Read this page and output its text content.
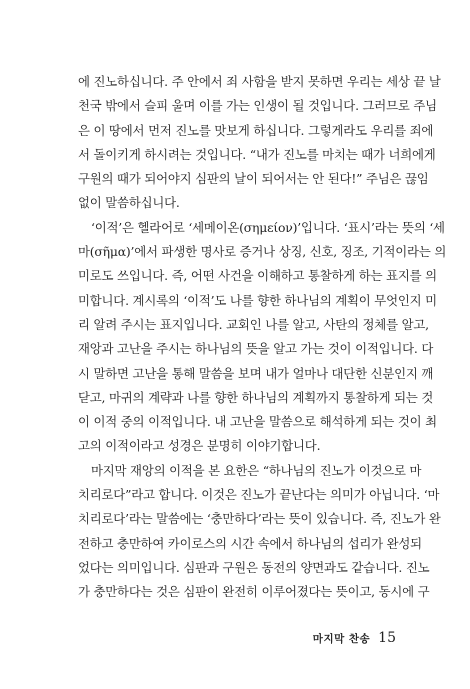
에 진노하십니다. 주 안에서 죄 사함을 받지 못하면 우리는 세상 끝 날
천국 밖에서 슬피 울며 이를 가는 인생이 될 것입니다. 그러므로 주님
은 이 땅에서 먼저 진노를 맛보게 하십니다. 그렇게라도 우리를 죄에
서 돌이키게 하시려는 것입니다. “내가 진노를 마치는 때가 너희에게
구원의 때가 되어야지 심판의 날이 되어서는 안 된다!” 주님은 끊임
없이 말씀하십니다.
‘이적’은 헬라어로 ‘세메이온(σημείον)’입니다. ‘표시’라는 뜻의 ‘세
마(σῆμα)’에서 파생한 명사로 증거나 상징, 신호, 징조, 기적이라는 의
미로도 쓰입니다. 즉, 어떤 사건을 이해하고 통찰하게 하는 표지를 의
미합니다. 계시록의 ‘이적’도 나를 향한 하나님의 계획이 무엇인지 미
리 알려 주시는 표지입니다. 교회인 나를 알고, 사탄의 정체를 알고,
재앙과 고난을 주시는 하나님의 뜻을 알고 가는 것이 이적입니다. 다
시 말하면 고난을 통해 말씀을 보며 내가 얼마나 대단한 신분인지 깨
닫고, 마귀의 계략과 나를 향한 하나님의 계획까지 통찰하게 되는 것
이 이적 중의 이적입니다. 내 고난을 말씀으로 해석하게 되는 것이 최
고의 이적이라고 성경은 분명히 이야기합니다.
마지막 재앙의 이적을 본 요한은 “하나님의 진노가 이것으로 마
치리로다”라고 합니다. 이것은 진노가 끝난다는 의미가 아닙니다. ‘마
치리로다’라는 말씀에는 ‘충만하다’라는 뜻이 있습니다. 즉, 진노가 완
전하고 충만하여 카이로스의 시간 속에서 하나님의 섭리가 완성되
었다는 의미입니다. 심판과 구원은 동전의 양면과도 같습니다. 진노
가 충만하다는 것은 심판이 완전히 이루어졌다는 뜻이고, 동시에 구
마지막 찬송 15
